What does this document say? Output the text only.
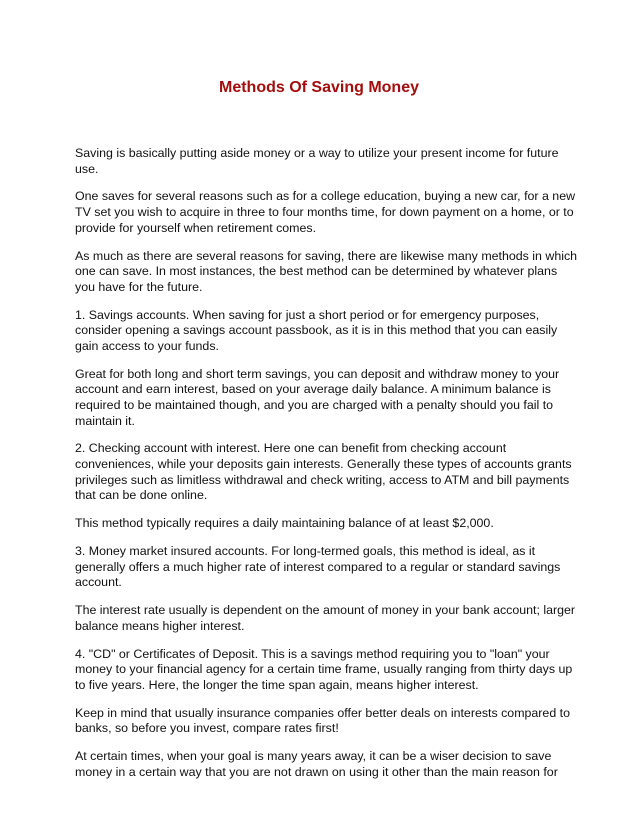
Methods Of Saving Money

Saving is basically putting aside money or a way to utilize your present income for future
use.

One saves for several reasons such as for a college education, buying a new car, for a new
TV set you wish to acquire in three to four months time, for down payment on a home, or to
provide for yourself when retirement comes.

As much as there are several reasons for saving, there are likewise many methods in which
one can save. In most instances, the best method can be determined by whatever plans
you have for the future.

1. Savings accounts. When saving for just a short period or for emergency purposes,
consider opening a savings account passbook, as it is in this method that you can easily
gain access to your funds.

Great for both long and short term savings, you can deposit and withdraw money to your
account and earn interest, based on your average daily balance. A minimum balance is
required to be maintained though, and you are charged with a penalty should you fail to
maintain it.

2. Checking account with interest. Here one can benefit from checking account
conveniences, while your deposits gain interests. Generally these types of accounts grants
privileges such as limitless withdrawal and check writing, access to ATM and bill payments
that can be done online.

This method typically requires a daily maintaining balance of at least $2,000.

3. Money market insured accounts. For long-termed goals, this method is ideal, as it
generally offers a much higher rate of interest compared to a regular or standard savings
account.

The interest rate usually is dependent on the amount of money in your bank account; larger
balance means higher interest.

4. "CD" or Certificates of Deposit. This is a savings method requiring you to "loan" your
money to your financial agency for a certain time frame, usually ranging from thirty days up
to five years. Here, the longer the time span again, means higher interest.

Keep in mind that usually insurance companies offer better deals on interests compared to
banks, so before you invest, compare rates first!

At certain times, when your goal is many years away, it can be a wiser decision to save
money in a certain way that you are not drawn on using it other than the main reason for
